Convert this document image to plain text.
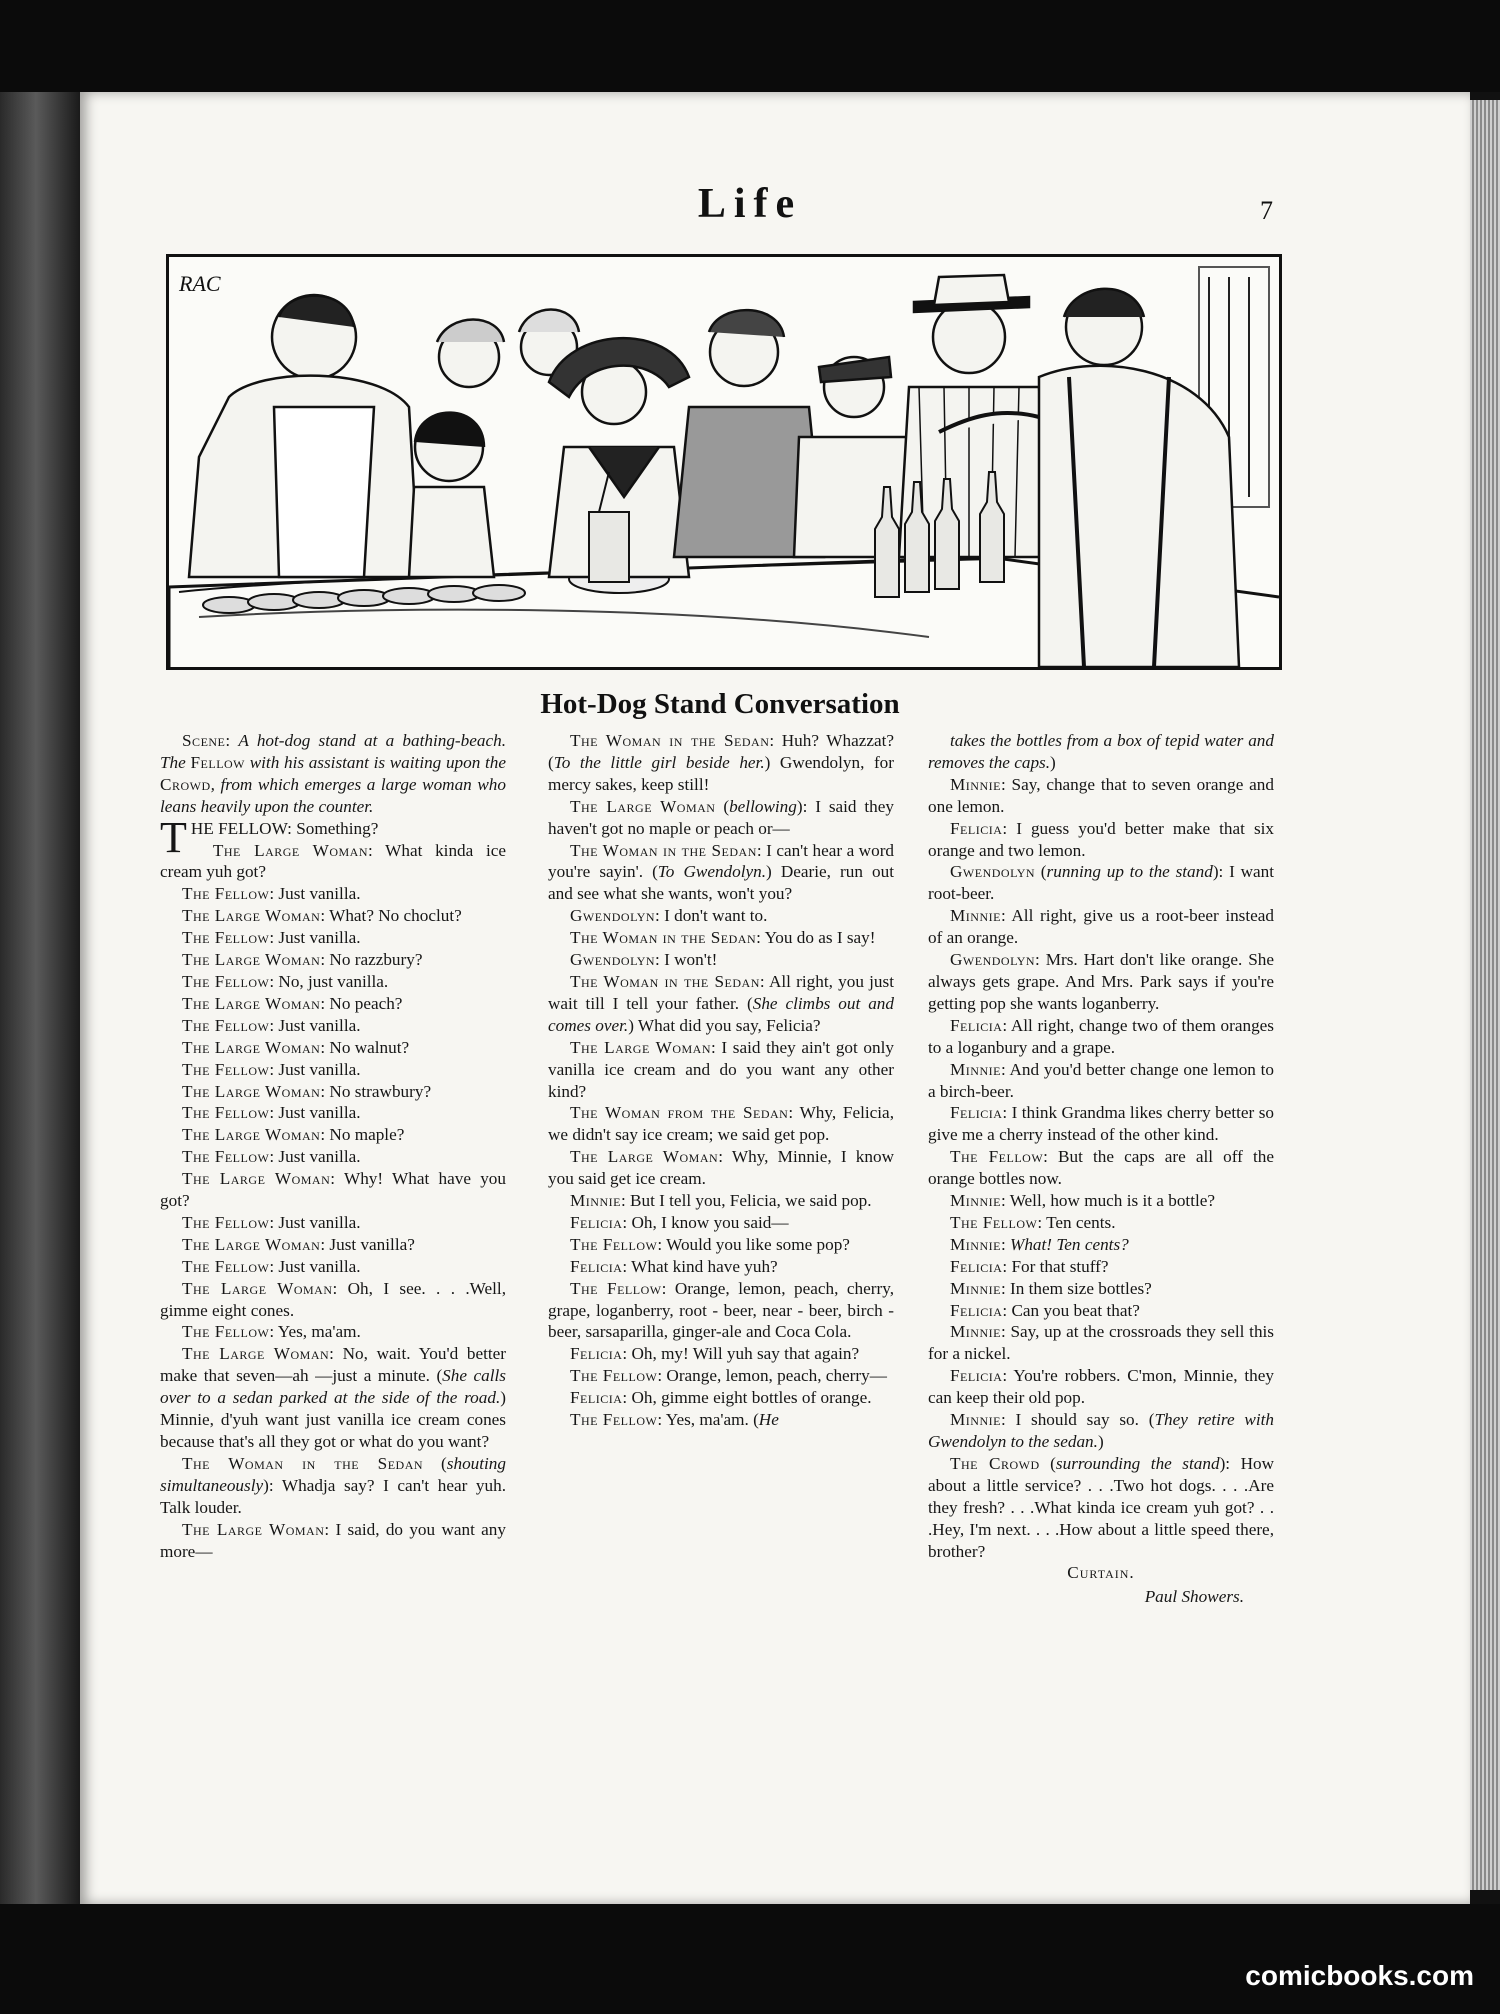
Life	7
RAC
Hot-Dog Stand Conversation

Scene: A hot-dog stand at a bathing-beach. The Fellow with his assistant is waiting upon the Crowd, from which emerges a large woman who leans heavily upon the counter.

THE FELLOW: Something?

The Large Woman: What kinda ice cream yuh got?

The Fellow: Just vanilla.

The Large Woman: What? No choclut?

The Fellow: Just vanilla.

The Large Woman: No razzbury?

The Fellow: No, just vanilla.

The Large Woman: No peach?

The Fellow: Just vanilla.

The Large Woman: No walnut?

The Fellow: Just vanilla.

The Large Woman: No strawbury?

The Fellow: Just vanilla.

The Large Woman: No maple?

The Fellow: Just vanilla.

The Large Woman: Why! What have you got?

The Fellow: Just vanilla.

The Large Woman: Just vanilla?

The Fellow: Just vanilla.

The Large Woman: Oh, I see. . . .Well, gimme eight cones.

The Fellow: Yes, ma'am.

The Large Woman: No, wait. You'd better make that seven—ah —just a minute. (She calls over to a sedan parked at the side of the road.) Minnie, d'yuh want just vanilla ice cream cones because that's all they got or what do you want?

The Woman in the Sedan (shouting simultaneously): Whadja say? I can't hear yuh. Talk louder.

The Large Woman: I said, do you want any more—

The Woman in the Sedan: Huh? Whazzat? (To the little girl beside her.) Gwendolyn, for mercy sakes, keep still!

The Large Woman (bellowing): I said they haven't got no maple or peach or—

The Woman in the Sedan: I can't hear a word you're sayin'. (To Gwendolyn.) Dearie, run out and see what she wants, won't you?

Gwendolyn: I don't want to.

The Woman in the Sedan: You do as I say!

Gwendolyn: I won't!

The Woman in the Sedan: All right, you just wait till I tell your father. (She climbs out and comes over.) What did you say, Felicia?

The Large Woman: I said they ain't got only vanilla ice cream and do you want any other kind?

The Woman from the Sedan: Why, Felicia, we didn't say ice cream; we said get pop.

The Large Woman: Why, Minnie, I know you said get ice cream.

Minnie: But I tell you, Felicia, we said pop.

Felicia: Oh, I know you said—

The Fellow: Would you like some pop?

Felicia: What kind have yuh?

The Fellow: Orange, lemon, peach, cherry, grape, loganberry, root - beer, near - beer, birch - beer, sarsaparilla, ginger-ale and Coca Cola.

Felicia: Oh, my! Will yuh say that again?

The Fellow: Orange, lemon, peach, cherry—

Felicia: Oh, gimme eight bottles of orange.

The Fellow: Yes, ma'am. (He

takes the bottles from a box of tepid water and removes the caps.)

Minnie: Say, change that to seven orange and one lemon.

Felicia: I guess you'd better make that six orange and two lemon.

Gwendolyn (running up to the stand): I want root-beer.

Minnie: All right, give us a root-beer instead of an orange.

Gwendolyn: Mrs. Hart don't like orange. She always gets grape. And Mrs. Park says if you're getting pop she wants loganberry.

Felicia: All right, change two of them oranges to a loganbury and a grape.

Minnie: And you'd better change one lemon to a birch-beer.

Felicia: I think Grandma likes cherry better so give me a cherry instead of the other kind.

The Fellow: But the caps are all off the orange bottles now.

Minnie: Well, how much is it a bottle?

The Fellow: Ten cents.

Minnie: What! Ten cents?

Felicia: For that stuff?

Minnie: In them size bottles?

Felicia: Can you beat that?

Minnie: Say, up at the crossroads they sell this for a nickel.

Felicia: You're robbers. C'mon, Minnie, they can keep their old pop.

Minnie: I should say so. (They retire with Gwendolyn to the sedan.)

The Crowd (surrounding the stand): How about a little service? . . .Two hot dogs. . . .Are they fresh? . . .What kinda ice cream yuh got? . . .Hey, I'm next. . . .How about a little speed there, brother?

Curtain.

Paul Showers.

comicbooks.com
